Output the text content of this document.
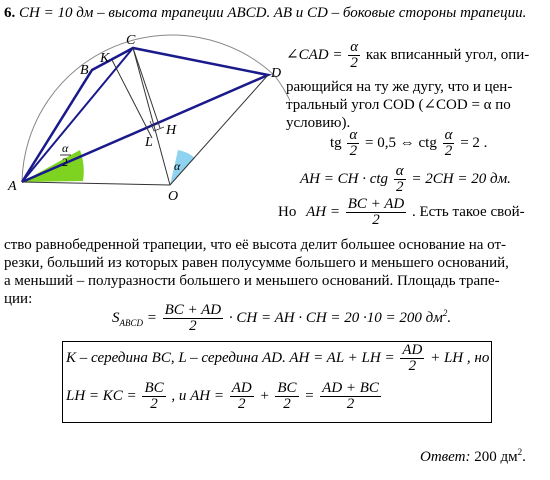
6. CH = 10 дм – высота трапеции ABCD. AB и CD – боковые стороны трапеции.
A
B
C
D
K
L
H
O
α
2	α
∠CAD = $\frac{\alpha}{2}$ как вписанный угол, опи-
рающийся на ту же дугу, что и цен-
тральный угол COD (∠COD = α по
условию).
tg $\frac{\alpha}{2} = 0,5$ ⇔ ctg $\frac{\alpha}{2} = 2$ .
AH = CH · ctg $\frac{\alpha}{2} = 2CH = 20$ дм.
Но AH = $\frac{BC + AD}{2}$ . Есть такое свой-
ство равнобедренной трапеции, что её высота делит большее основание на от-
резки, больший из которых равен полусумме большего и меньшего оснований,
а меньший – полуразности большего и меньшего оснований. Площадь трапе-
ции:
$S_{ABCD} = \frac{BC + AD}{2}$ · CH = AH · CH = 20 ·10 = 200 $дм^2$.
K – середина BC, L – середина AD. AH = AL + LH = $\frac{AD}{2}$ + LH , но
LH = KC = $\frac{BC}{2}$ , и AH = $\frac{AD}{2} + \frac{BC}{2} = \frac{AD + BC}{2}$
Ответ: 200 $дм^2$.
